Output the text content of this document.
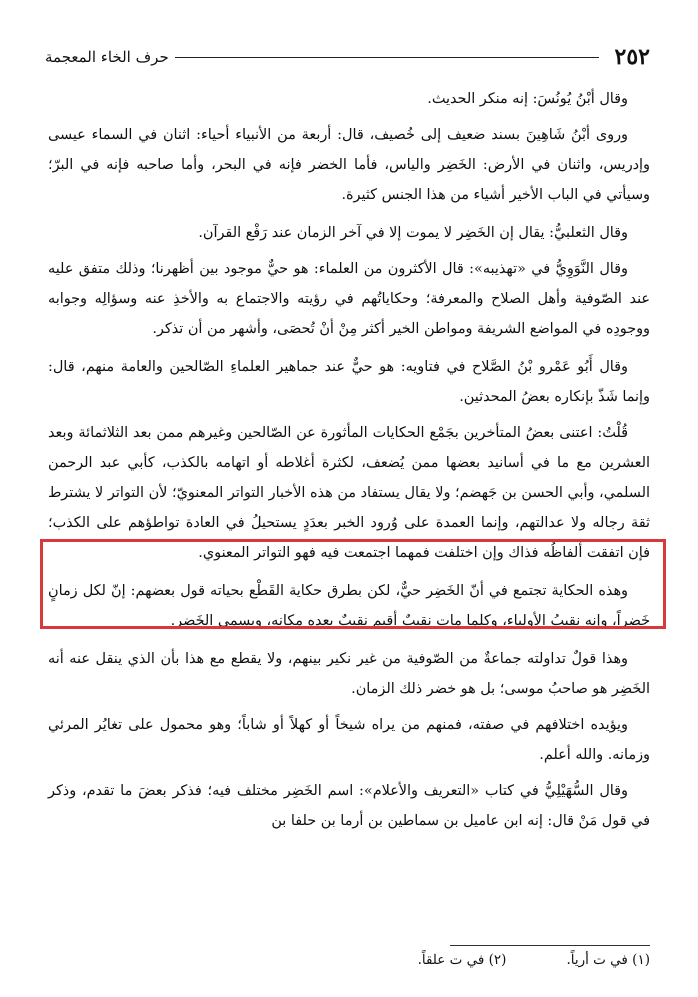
٢٥٢
حرف الخاء المعجمة

وقال أبْنُ يُونُسَ: إنه منكر الحديث.

وروى أبْنُ شَاهِينَ بسند ضعيف إلى خُصيف، قال: أربعة من الأنبياء أحياء: اثنان في السماء عيسى وإدريس، واثنان في الأرض: الخَضِر والياس، فأما الخضر فإنه في البحر، وأما صاحبه فإنه في البرّ؛ وسيأتي في الباب الأخير أشياء من هذا الجنس كثيرة.

وقال الثعلبيُّ: يقال إن الخَضِر لا يموت إلا في آخر الزمان عند رَفْع القرآن.

وقال النَّوَوِيُّ في «تهذيبه»: قال الأكثرون من العلماء: هو حيٌّ موجود بين أظهرنا؛ وذلك متفق عليه عند الصّوفية وأهل الصلاح والمعرفة؛ وحكاياتُهم في رؤيته والاجتماع به والأخذِ عنه وسؤالِه وجوابه ووجودِه في المواضع الشريفة ومواطن الخير أكثر مِنْ أنْ تُحصَى، وأشهر من أن تذكر.

وقال أَبُو عَمْرو بْنُ الصَّلاح في فتاويه: هو حيٌّ عند جماهير العلماءِ الصّالحين والعامة منهم، قال: وإنما شَذّ بإنكاره بعضُ المحدثين.

قُلْتُ: اعتنى بعضُ المتأخرين بجَمْع الحكايات المأثورة عن الصّالحين وغيرهم ممن بعد الثلاثمائة وبعد العشرين مع ما في أسانيد بعضها ممن يُضعف، لكثرة أغلاطه أو اتهامه بالكذب، كأبي عبد الرحمن السلمي، وأبي الحسن بن جَهضم؛ ولا يقال يستفاد من هذه الأخبار التواتر المعنويّ؛ لأن التواتر لا يشترط ثقة رجاله ولا عدالتهم، وإنما العمدة على وُرود الخبر بعدَدٍ يستحيلُ في العادة تواطؤهم على الكذب؛ فإن اتفقت ألفاظُه فذاك وإن اختلفت فمهما اجتمعت فيه فهو التواتر المعنوي.

وهذه الحكاية تجتمع في أنّ الخَضِر حيٌّ، لكن بطرق حكاية القَطْع بحياته قول بعضهم: إنّ لكل زمانٍ خَضِراً، وإنه نقيبُ الأولياء، وكلما مات نقيبٌ أقيم نقيبٌ بعده مكانه، ويسمى الخَضِر.

وهذا قولٌ تداولته جماعةٌ من الصّوفية من غير نكير بينهم، ولا يقطع مع هذا بأن الذي ينقل عنه أنه الخَضِر هو صاحبُ موسى؛ بل هو خضر ذلك الزمان.

ويؤيده اختلافهم في صفته، فمنهم من يراه شيخاً أو كهلاً أو شاباً؛ وهو محمول على تغايُر المرئي وزمانه. والله أعلم.

وقال السُّهَيْلِيُّ في كتاب «التعريف والأعلام»: اسم الخَضِر مختلف فيه؛ فذكر بعضَ ما تقدم، وذكر في قول مَنْ قال: إنه ابن عاميل بن سماطين بن أرما بن حلفا بن

(١) في ت أرياً.
(٢) في ت علقاً.
